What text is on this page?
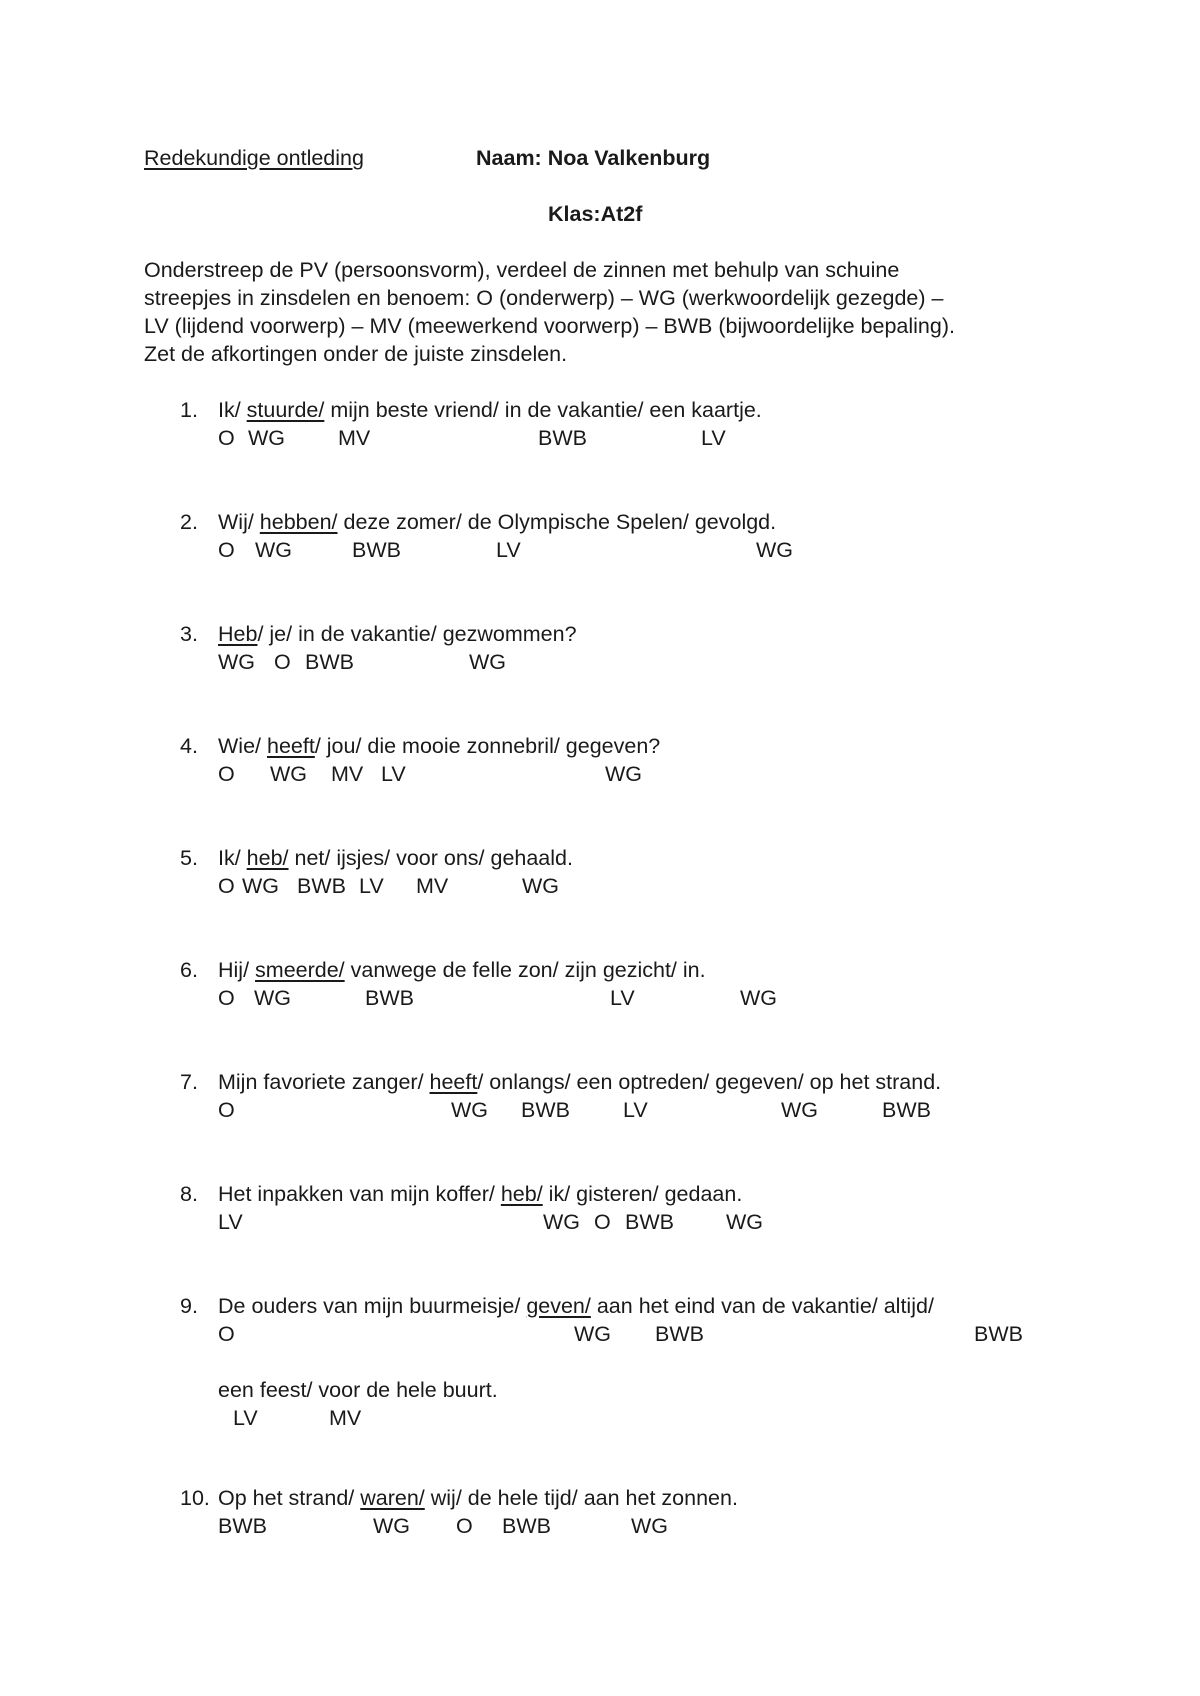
Redekundige ontleding	Naam: Noa Valkenburg
Klas:At2f
Onderstreep de PV (persoonsvorm), verdeel de zinnen met behulp van schuine
streepjes in zinsdelen en benoem: O (onderwerp) – WG (werkwoordelijk gezegde) –
LV (lijdend voorwerp) – MV (meewerkend voorwerp) – BWB (bijwoordelijke bepaling).
Zet de afkortingen onder de juiste zinsdelen.
1. Ik/ stuurde/ mijn beste vriend/ in de vakantie/ een kaartje.
O WG MV	BWB	LV
2. Wij/ hebben/ deze zomer/ de Olympische Spelen/ gevolgd.
O WG	BWB	LV	WG
3. Heb/ je/ in de vakantie/ gezwommen?
WG O BWB	WG
4. Wie/ heeft/ jou/ die mooie zonnebril/ gegeven?
O WG MV LV	WG
5. Ik/ heb/ net/ ijsjes/ voor ons/ gehaald.
O WG BWB LV MV	WG
6. Hij/ smeerde/ vanwege de felle zon/ zijn gezicht/ in.
O WG	BWB	LV	WG
7. Mijn favoriete zanger/ heeft/ onlangs/ een optreden/ gegeven/ op het strand.
O	WG BWB LV	WG	BWB
8. Het inpakken van mijn koffer/ heb/ ik/ gisteren/ gedaan.
LV	WG O BWB WG
9. De ouders van mijn buurmeisje/ geven/ aan het eind van de vakantie/ altijd/
O	WG BWB	BWB
een feest/ voor de hele buurt.
LV	MV
10. Op het strand/ waren/ wij/ de hele tijd/ aan het zonnen.
BWB	WG O BWB	WG
